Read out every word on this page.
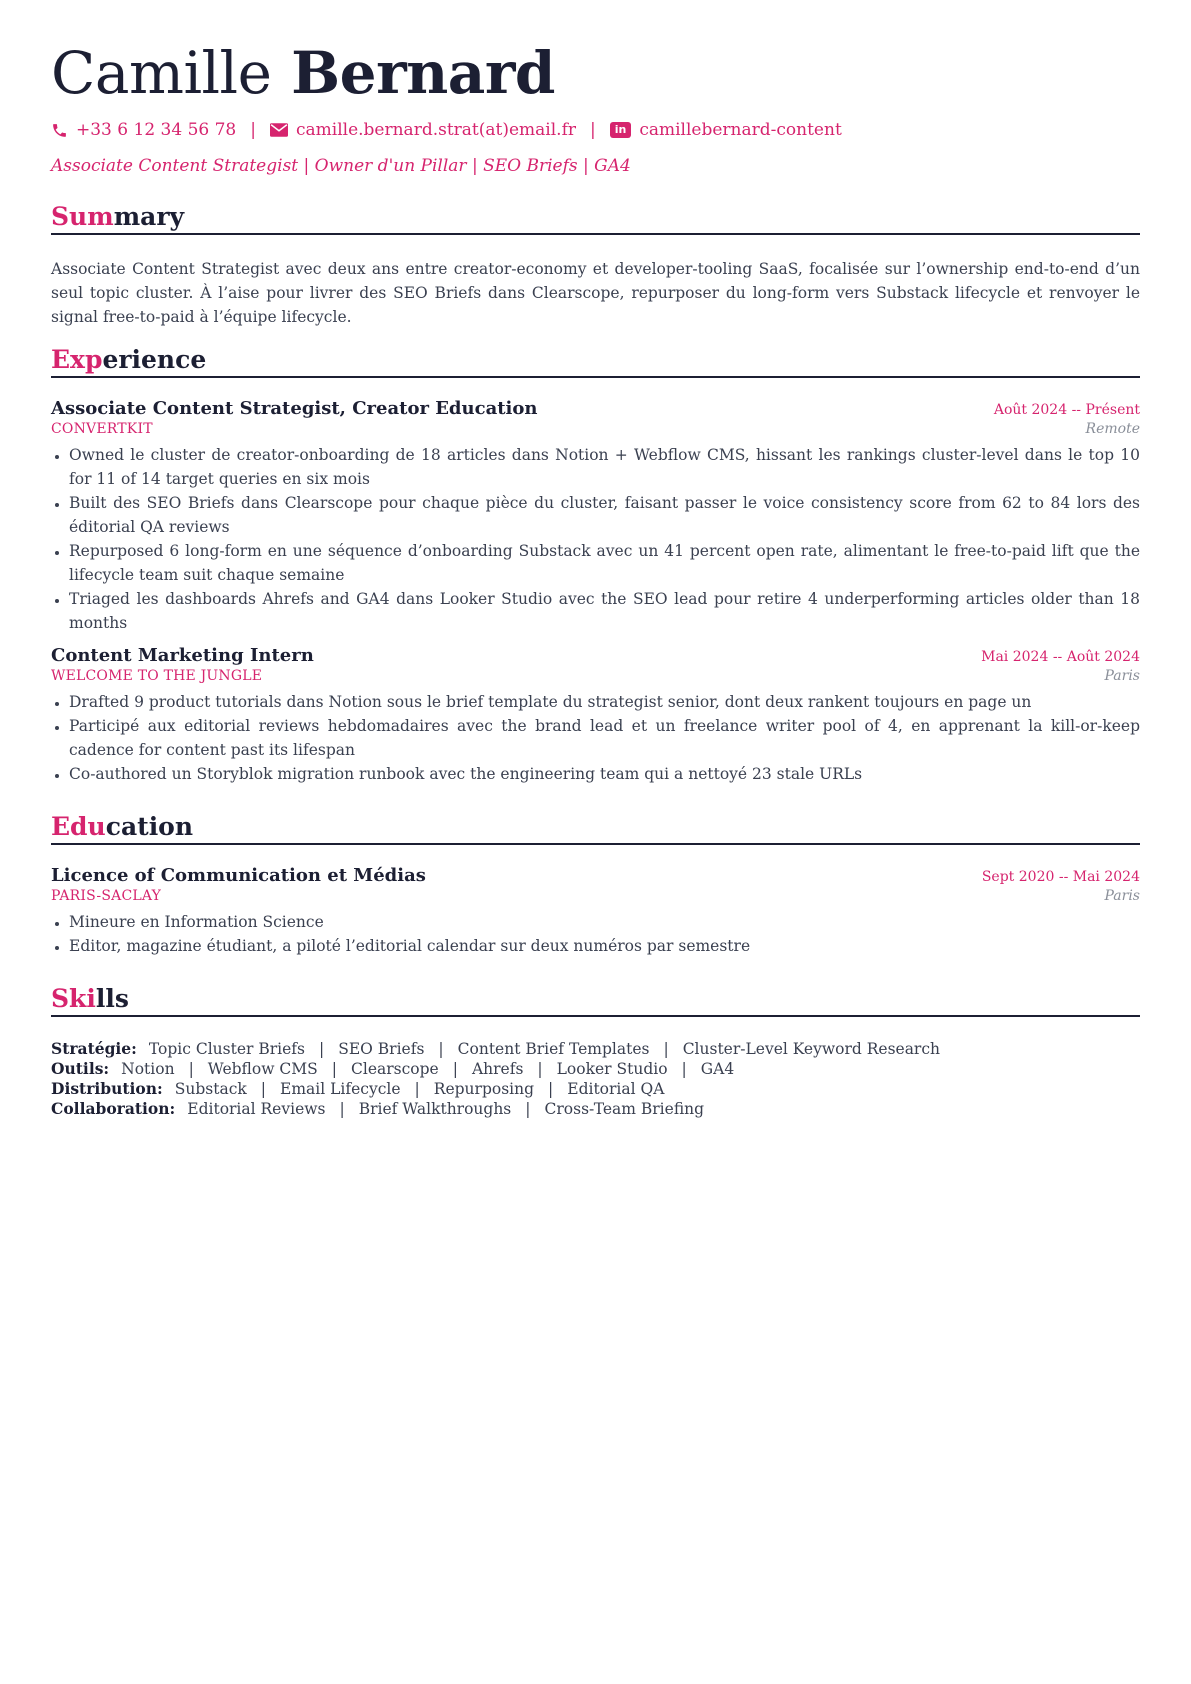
Camille Bernard
+33 6 12 34 56 78 | camille.bernard.strat(at)email.fr |	in camillebernard-content
Associate Content Strategist | Owner d'un Pillar | SEO Briefs | GA4
Summary

Associate Content Strategist avec deux ans entre creator-economy et developer-tooling SaaS, focalisée sur l’ownership end-to-end d’un seul topic cluster. À l’aise pour livrer des SEO Briefs dans Clearscope, repurposer du long-form vers Substack lifecycle et renvoyer le signal free-to-paid à l’équipe lifecycle.

Experience
Associate Content Strategist, Creator Education	Août 2024 -- Présent
CONVERTKIT	Remote
• Owned le cluster de creator-onboarding de 18 articles dans Notion + Webflow CMS, hissant les rankings cluster-level dans le top 10 for 11 of 14 target queries en six mois
• Built des SEO Briefs dans Clearscope pour chaque pièce du cluster, faisant passer le voice consistency score from 62 to 84 lors des éditorial QA reviews
• Repurposed 6 long-form en une séquence d’onboarding Substack avec un 41 percent open rate, alimentant le free-to-paid lift que the lifecycle team suit chaque semaine
• Triaged les dashboards Ahrefs and GA4 dans Looker Studio avec the SEO lead pour retire 4 underperforming articles older than 18 months
Content Marketing Intern	Mai 2024 -- Août 2024
WELCOME TO THE JUNGLE	Paris
• Drafted 9 product tutorials dans Notion sous le brief template du strategist senior, dont deux rankent toujours en page un
• Participé aux editorial reviews hebdomadaires avec the brand lead et un freelance writer pool of 4, en apprenant la kill-or-keep cadence for content past its lifespan
• Co-authored un Storyblok migration runbook avec the engineering team qui a nettoyé 23 stale URLs
Education
Licence of Communication et Médias	Sept 2020 -- Mai 2024
PARIS-SACLAY	Paris
• Mineure en Information Science
• Editor, magazine étudiant, a piloté l’editorial calendar sur deux numéros par semestre
Skills
Stratégie: Topic Cluster Briefs | SEO Briefs | Content Brief Templates | Cluster-Level Keyword Research
Outils: Notion | Webflow CMS | Clearscope | Ahrefs | Looker Studio | GA4
Distribution: Substack | Email Lifecycle | Repurposing | Editorial QA
Collaboration: Editorial Reviews | Brief Walkthroughs | Cross-Team Briefing
